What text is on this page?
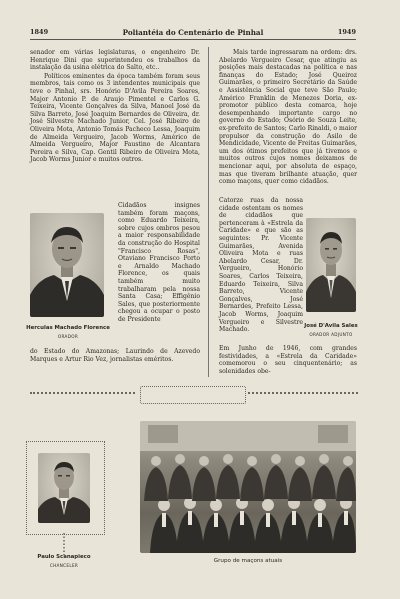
1849	Poliantéia do Centenário de Pinhal	1949

senador em várias legislaturas, o engenheiro Dr. Henrique Dini que superintendeu os trabalhos da instalação da usina elétrica do Salto, etc..

Políticos eminentes da época também foram seus membros, tais como os 3 intendentes municipais que teve o Pinhal, srs. Honório D'Avila Pereira Soares, Major Antonio P. de Araujo Pimentel e Carlos G. Teixeira, Vicente Gonçalves da Silva, Manoel José da Silva Barreto, José Joaquim Bernardes de Oliveira, dr. José Silvestre Machado Junior, Cel. José Ribeiro de Oliveira Mota, Antonio Tomás Pacheco Lessa, Joaquim de Almeida Vergueiro, Jacob Worms, Américo de Almeida Vergueiro, Major Faustino de Alcantara Pereira e Silva, Cap. Gentil Ribeiro de Oliveira Mota, Jacob Worms Junior e muitos outros.

Herculas Machado Florence
ORADOR

Cidadãos insignes também foram maçons, como Eduardo Teixeira, sobre cujos ombros pesou a maior responsabilidade da construção do Hospital "Francisco Rosas", Otaviano Francisco Porto e Arnaldo Machado Florence, os quais também muito trabalharam pela nossa Santa Casa; Effigênio Sales, que posteriormente chegou a ocupar o posto de Presidente

do Estado do Amazonas; Laurindo de Azevedo Marques e Artur Rio Vez, jornalistas eméritos.

Mais tarde ingressaram na ordem: drs. Abelardo Vergueiro Cesar, que atingiu as posições mais destacadas na política e nas finanças do Estado; José Queiroz Guimarães, o primeiro Secretário da Saúde e Assistência Social que teve São Paulo; Américo Franklin de Menezes Doria, ex-promotor público desta comarca, hoje desempenhando importante cargo no governo do Estado; Osório de Souza Leite, ex-prefeito de Santos; Carlo Rinaldi, o maior propulsor da construção do Asilo de Mendicidade, Vicente de Freitas Guimarães, um dos ótimos prefeitos que já tivemos e muitos outros cujos nomes deixamos de mencionar aqui, por absoluta de espaço, mas que tiveram brilhante atuação, quer como maçons, quer como cidadãos.

Catorze ruas da nossa cidade ostentam os nomes de cidadãos que pertenceram à «Estrela da Caridade» e que são as seguintes: Pr. Vicente Guimarães, Avenida Oliveira Mota e ruas Abelardo Cesar, Dr. Vergueiro, Honório Soares, Carlos Teixeira, Eduardo Teixeira, Silva Barreto, Vicente Gonçalves, José Bernardes, Prefeito Lessa, Jacob Worms, Joaquim Vergueiro e Silvestre Machado.

José D'Avila Sales
ORADOR ADJUNTO

Em Junho de 1946, com grandes festividades, a «Estrela da Caridade» comemorou o seu cinquentenário; as solenidades obe-

Paulo Scanapieco
CHANCELER
Grupo de maçons atuais
